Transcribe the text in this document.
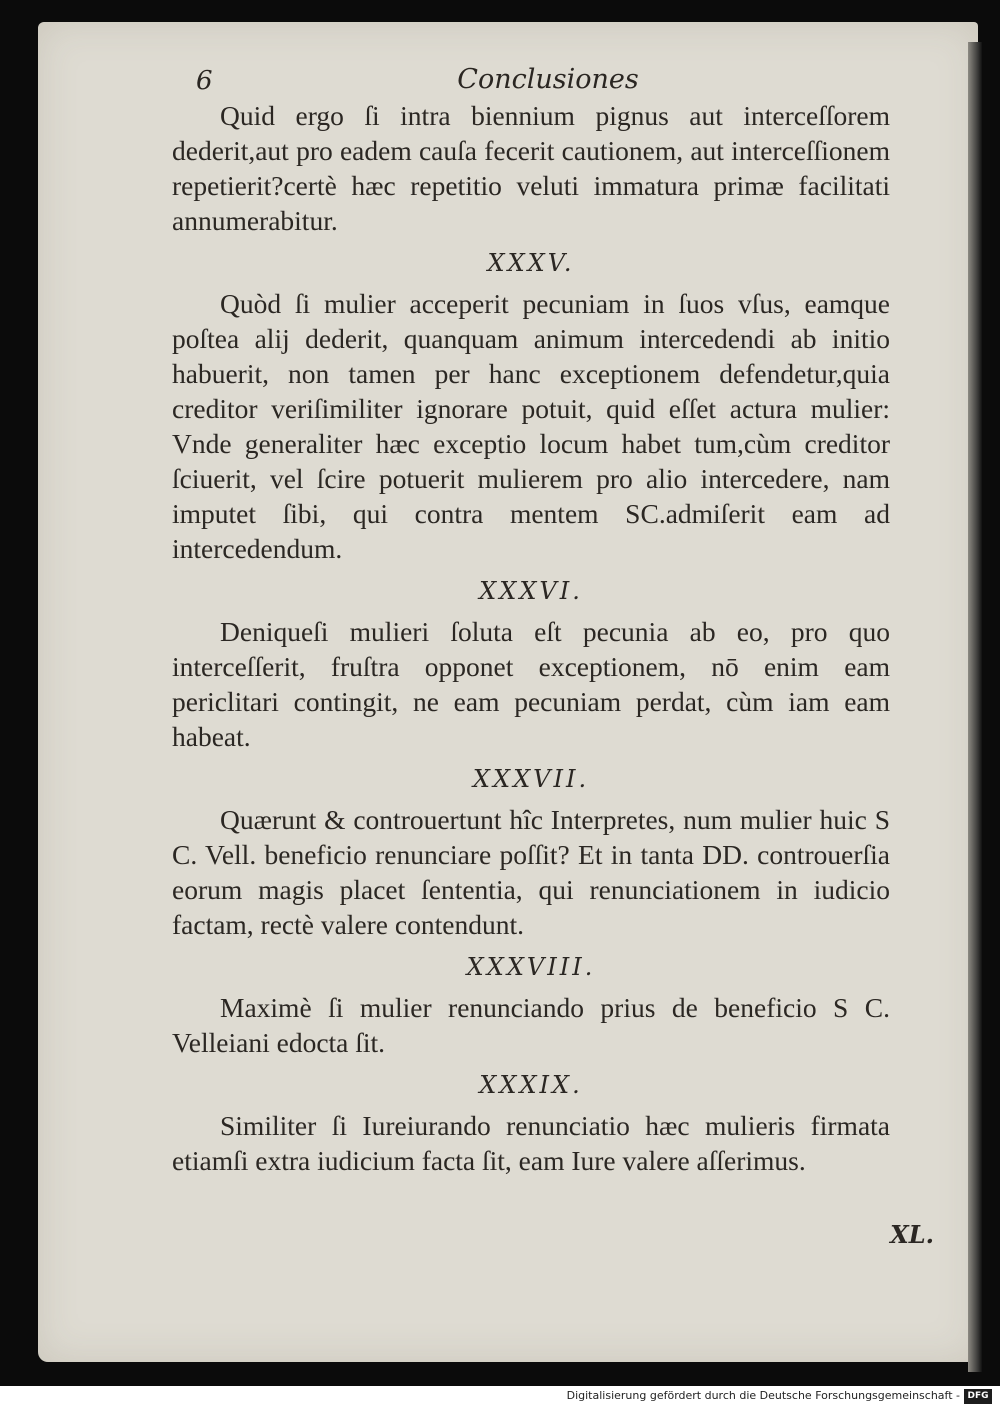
6	Conclusiones
XL.

Quid ergo ſi intra biennium pignus aut interceſſorem dederit,aut pro eadem cauſa fecerit cautionem, aut interceſſionem repetierit?certè hæc repetitio veluti immatura primæ facilitati annumerabitur.

XXXV.

Quòd ſi mulier acceperit pecuniam in ſuos vſus, eamque poſtea alij dederit, quanquam animum intercedendi ab initio habuerit, non tamen per hanc exceptionem defendetur,quia creditor veriſimiliter ignorare potuit, quid eſſet actura mulier: Vnde generaliter hæc exceptio locum habet tum,cùm creditor ſciuerit, vel ſcire potuerit mulierem pro alio intercedere, nam imputet ſibi, qui contra mentem SC.admiſerit eam ad intercedendum.

XXXVI.

Deniqueſi mulieri ſoluta eſt pecunia ab eo, pro quo interceſſerit, fruſtra opponet exceptionem, nō enim eam periclitari contingit, ne eam pecuniam perdat, cùm iam eam habeat.

XXXVII.

Quærunt & controuertunt hîc Interpretes, num mulier huic S C. Vell. beneficio renunciare poſſit? Et in tanta DD. controuerſia eorum magis placet ſententia, qui renunciationem in iudicio factam, rectè valere contendunt.

XXXVIII.

Maximè ſi mulier renunciando prius de beneficio S C. Velleiani edocta ſit.

XXXIX.

Similiter ſi Iureiurando renunciatio hæc mulieris firmata etiamſi extra iudicium facta ſit, eam Iure valere aſſerimus.

Digitalisierung gefördert durch die Deutsche Forschungsgemeinschaft - DFG
